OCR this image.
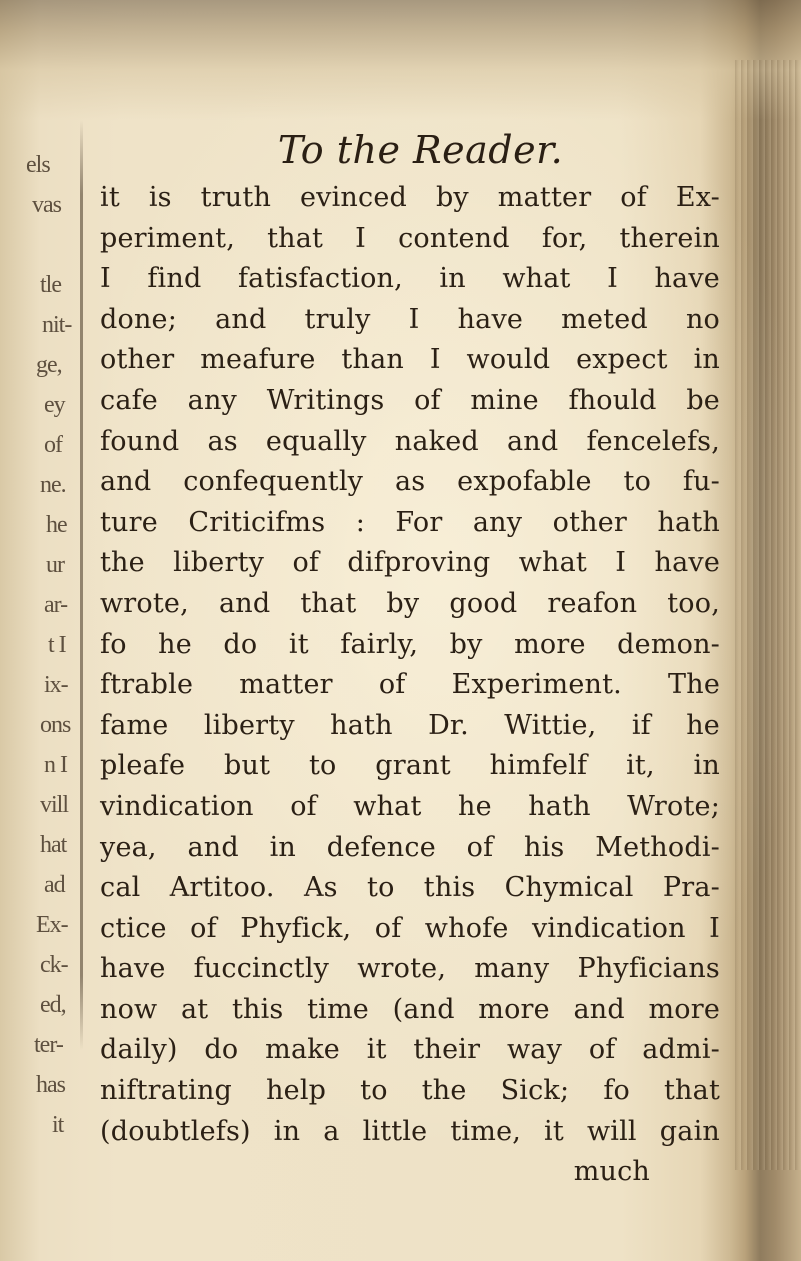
els
vas
tle
nit-
ge,
ey
of
ne.
he
ur
ar-
t I
ix-
ons
n I
vill
hat
ad
Ex-
ck-
ed,
ter-
has
it
To the Reader.
it is truth evinced by matter of Ex-
periment, that I contend for, therein
I find fatisfaction, in what I have
done; and truly I have meted no
other meafure than I would expect in
cafe any Writings of mine fhould be
found as equally naked and fencelefs,
and confequently as expofable to fu-
ture Criticifms : For any other hath
the liberty of difproving what I have
wrote, and that by good reafon too,
fo he do it fairly, by more demon-
ftrable matter of Experiment. The
fame liberty hath Dr. Wittie, if he
pleafe but to grant himfelf it, in
vindication of what he hath Wrote;
yea, and in defence of his Methodi-
cal Artitoo. As to this Chymical Pra-
ctice of Phyfick, of whofe vindication I
have fuccinctly wrote, many Phyficians
now at this time (and more and more
daily) do make it their way of admi-
niftrating help to the Sick; fo that
(doubtlefs) in a little time, it will gain
much
